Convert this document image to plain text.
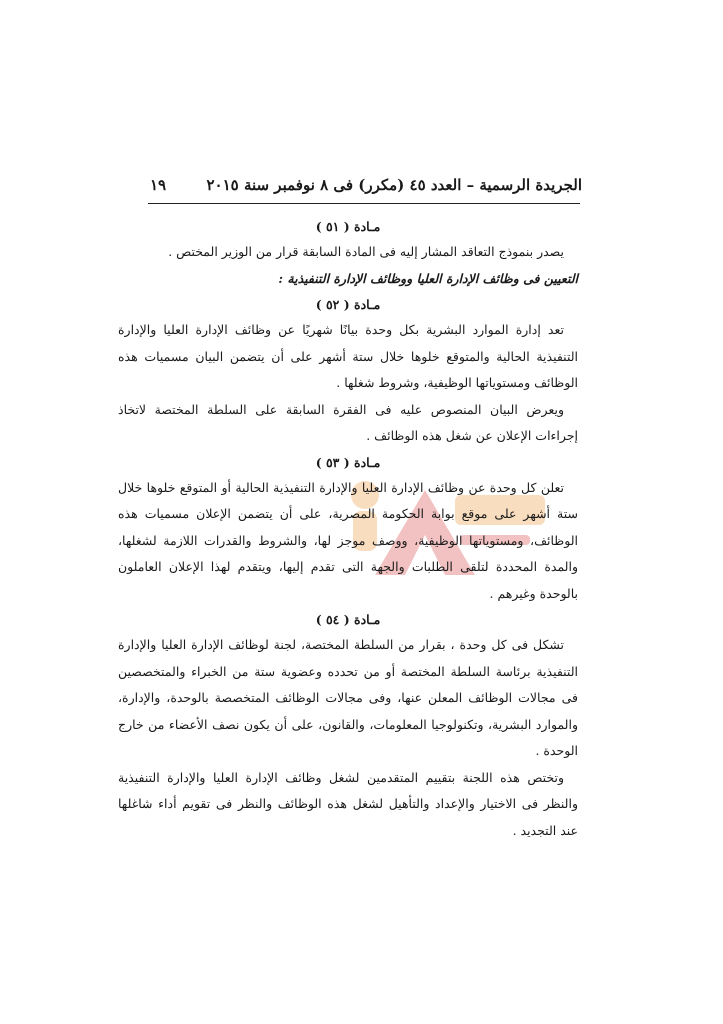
الجريدة الرسمية – العدد ٤٥ (مكرر) فى ٨ نوفمبر سنة ٢٠١٥
١٩

مـادة ( ٥١ )

يصدر بنموذج التعاقد المشار إليه فى المادة السابقة قرار من الوزير المختص .

التعيين فى وظائف الإدارة العليا ووظائف الإدارة التنفيذية :

مـادة ( ٥٢ )

تعد إدارة الموارد البشرية بكل وحدة بيانًا شهريًا عن وظائف الإدارة العليا والإدارة التنفيذية الحالية والمتوقع خلوها خلال ستة أشهر على أن يتضمن البيان مسميات هذه الوظائف ومستوياتها الوظيفية، وشروط شغلها .

ويعرض البيان المنصوص عليه فى الفقرة السابقة على السلطة المختصة لاتخاذ إجراءات الإعلان عن شغل هذه الوظائف .

مـادة ( ٥٣ )

تعلن كل وحدة عن وظائف الإدارة العليا والإدارة التنفيذية الحالية أو المتوقع خلوها خلال ستة أشهر على موقع بوابة الحكومة المصرية، على أن يتضمن الإعلان مسميات هذه الوظائف، ومستوياتها الوظيفية، ووصف موجز لها، والشروط والقدرات اللازمة لشغلها، والمدة المحددة لتلقى الطلبات والجهة التى تقدم إليها، ويتقدم لهذا الإعلان العاملون بالوحدة وغيرهم .

مـادة ( ٥٤ )

تشكل فى كل وحدة ، بقرار من السلطة المختصة، لجنة لوظائف الإدارة العليا والإدارة التنفيذية برئاسة السلطة المختصة أو من تحدده وعضوية ستة من الخبراء والمتخصصين فى مجالات الوظائف المعلن عنها، وفى مجالات الوظائف المتخصصة بالوحدة، والإدارة، والموارد البشرية، وتكنولوجيا المعلومات، والقانون، على أن يكون نصف الأعضاء من خارج الوحدة .

وتختص هذه اللجنة بتقييم المتقدمين لشغل وظائف الإدارة العليا والإدارة التنفيذية والنظر فى الاختيار والإعداد والتأهيل لشغل هذه الوظائف والنظر فى تقويم أداء شاغلها عند التجديد .
